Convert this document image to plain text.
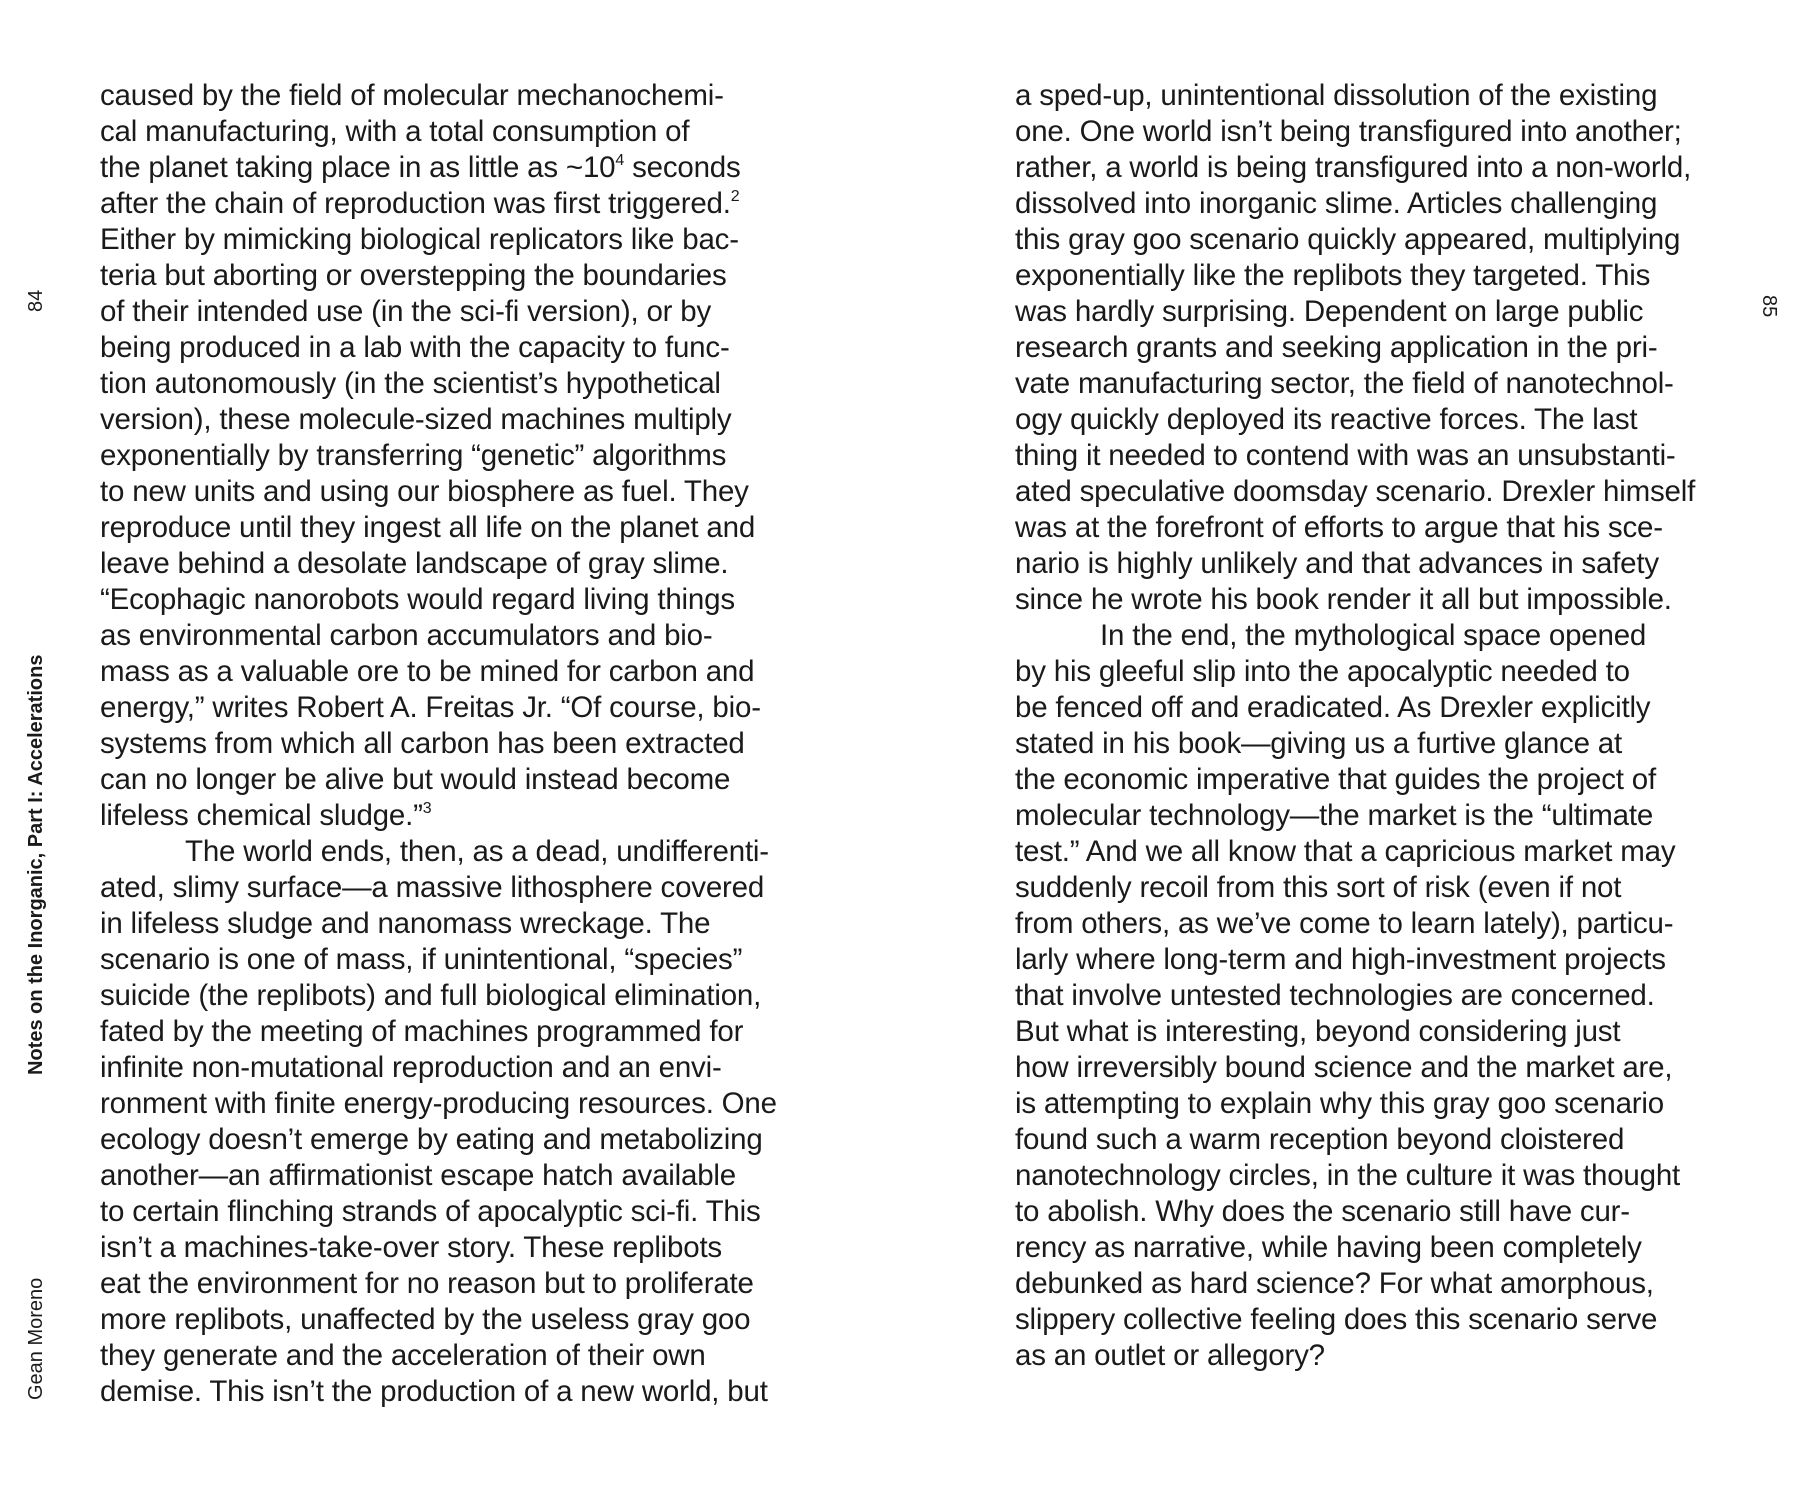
84
Notes on the Inorganic, Part I: Accelerations
Gean Moreno
caused by the field of molecular mechanochemi-
cal manufacturing, with a total consumption of
the planet taking place in as little as $\sim 10^4$ seconds
after the chain of reproduction was first triggered.$^2$
Either by mimicking biological replicators like bac-
teria but aborting or overstepping the boundaries
of their intended use (in the sci-fi version), or by
being produced in a lab with the capacity to func-
tion autonomously (in the scientist’s hypothetical
version), these molecule-sized machines multiply
exponentially by transferring “genetic” algorithms
to new units and using our biosphere as fuel. They
reproduce until they ingest all life on the planet and
leave behind a desolate landscape of gray slime.
“Ecophagic nanorobots would regard living things
as environmental carbon accumulators and bio-
mass as a valuable ore to be mined for carbon and
energy,” writes Robert A. Freitas Jr. “Of course, bio-
systems from which all carbon has been extracted
can no longer be alive but would instead become
lifeless chemical sludge.”$^3$
The world ends, then, as a dead, undifferenti-
ated, slimy surface—a massive lithosphere covered
in lifeless sludge and nanomass wreckage. The
scenario is one of mass, if unintentional, “species”
suicide (the replibots) and full biological elimination,
fated by the meeting of machines programmed for
infinite non-mutational reproduction and an envi-
ronment with finite energy-producing resources. One
ecology doesn’t emerge by eating and metabolizing
another—an affirmationist escape hatch available
to certain flinching strands of apocalyptic sci-fi. This
isn’t a machines-take-over story. These replibots
eat the environment for no reason but to proliferate
more replibots, unaffected by the useless gray goo
they generate and the acceleration of their own
demise. This isn’t the production of a new world, but
85
a sped-up, unintentional dissolution of the existing
one. One world isn’t being transfigured into another;
rather, a world is being transfigured into a non-world,
dissolved into inorganic slime. Articles challenging
this gray goo scenario quickly appeared, multiplying
exponentially like the replibots they targeted. This
was hardly surprising. Dependent on large public
research grants and seeking application in the pri-
vate manufacturing sector, the field of nanotechnol-
ogy quickly deployed its reactive forces. The last
thing it needed to contend with was an unsubstanti-
ated speculative doomsday scenario. Drexler himself
was at the forefront of efforts to argue that his sce-
nario is highly unlikely and that advances in safety
since he wrote his book render it all but impossible.
In the end, the mythological space opened
by his gleeful slip into the apocalyptic needed to
be fenced off and eradicated. As Drexler explicitly
stated in his book—giving us a furtive glance at
the economic imperative that guides the project of
molecular technology—the market is the “ultimate
test.” And we all know that a capricious market may
suddenly recoil from this sort of risk (even if not
from others, as we’ve come to learn lately), particu-
larly where long-term and high-investment projects
that involve untested technologies are concerned.
But what is interesting, beyond considering just
how irreversibly bound science and the market are,
is attempting to explain why this gray goo scenario
found such a warm reception beyond cloistered
nanotechnology circles, in the culture it was thought
to abolish. Why does the scenario still have cur-
rency as narrative, while having been completely
debunked as hard science? For what amorphous,
slippery collective feeling does this scenario serve
as an outlet or allegory?
